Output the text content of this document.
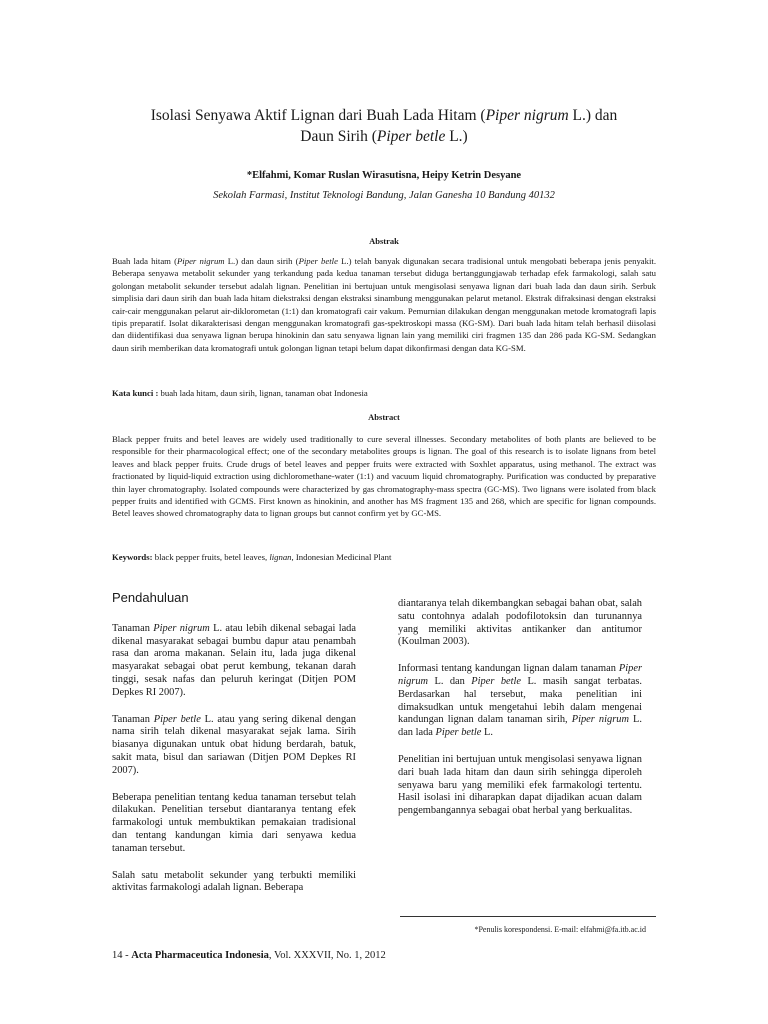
Isolasi Senyawa Aktif Lignan dari Buah Lada Hitam (Piper nigrum L.) dan
Daun Sirih (Piper betle L.)
*Elfahmi, Komar Ruslan Wirasutisna, Heipy Ketrin Desyane
Sekolah Farmasi, Institut Teknologi Bandung, Jalan Ganesha 10 Bandung 40132
Abstrak

Buah lada hitam (Piper nigrum L.) dan daun sirih (Piper betle L.) telah banyak digunakan secara tradisional untuk mengobati beberapa jenis penyakit. Beberapa senyawa metabolit sekunder yang terkandung pada kedua tanaman tersebut diduga bertanggungjawab terhadap efek farmakologi, salah satu golongan metabolit sekunder tersebut adalah lignan. Penelitian ini bertujuan untuk mengisolasi senyawa lignan dari buah lada dan daun sirih. Serbuk simplisia dari daun sirih dan buah lada hitam diekstraksi dengan ekstraksi sinambung menggunakan pelarut metanol. Ekstrak difraksinasi dengan ekstraksi cair-cair menggunakan pelarut air-diklorometan (1:1) dan kromatografi cair vakum. Pemurnian dilakukan dengan menggunakan metode kromatografi lapis tipis preparatif. Isolat dikarakterisasi dengan menggunakan kromatografi gas-spektroskopi massa (KG-SM). Dari buah lada hitam telah berhasil diisolasi dan diidentifikasi dua senyawa lignan berupa hinokinin dan satu senyawa lignan lain yang memiliki ciri fragmen 135 dan 286 pada KG-SM. Sedangkan daun sirih memberikan data kromatografi untuk golongan lignan tetapi belum dapat dikonfirmasi dengan data KG-SM.

Kata kunci : buah lada hitam, daun sirih, lignan, tanaman obat Indonesia

Abstract

Black pepper fruits and betel leaves are widely used traditionally to cure several illnesses. Secondary metabolites of both plants are believed to be responsible for their pharmacological effect; one of the secondary metabolites groups is lignan. The goal of this research is to isolate lignans from betel leaves and black pepper fruits. Crude drugs of betel leaves and pepper fruits were extracted with Soxhlet apparatus, using methanol. The extract was fractionated by liquid-liquid extraction using dichloromethane-water (1:1) and vacuum liquid chromatography. Purification was conducted by preparative thin layer chromatography. Isolated compounds were characterized by gas chromatography-mass spectra (GC-MS). Two lignans were isolated from black pepper fruits and identified with GCMS. First known as hinokinin, and another has MS fragment 135 and 268, which are specific for lignan compounds. Betel leaves showed chromatography data to lignan groups but cannot confirm yet by GC-MS.

Keywords: black pepper fruits, betel leaves, lignan, Indonesian Medicinal Plant

Pendahuluan

Tanaman Piper nigrum L. atau lebih dikenal sebagai lada dikenal masyarakat sebagai bumbu dapur atau penambah rasa dan aroma makanan. Selain itu, lada juga dikenal masyarakat sebagai obat perut kembung, tekanan darah tinggi, sesak nafas dan peluruh keringat (Ditjen POM Depkes RI 2007).

Tanaman Piper betle L. atau yang sering dikenal dengan nama sirih telah dikenal masyarakat sejak lama. Sirih biasanya digunakan untuk obat hidung berdarah, batuk, sakit mata, bisul dan sariawan (Ditjen POM Depkes RI 2007).

Beberapa penelitian tentang kedua tanaman tersebut telah dilakukan. Penelitian tersebut diantaranya tentang efek farmakologi untuk membuktikan pemakaian tradisional dan tentang kandungan kimia dari senyawa kedua tanaman tersebut.

Salah satu metabolit sekunder yang terbukti memiliki aktivitas farmakologi adalah lignan. Beberapa

diantaranya telah dikembangkan sebagai bahan obat, salah satu contohnya adalah podofilotoksin dan turunannya yang memiliki aktivitas antikanker dan antitumor (Koulman 2003).

Informasi tentang kandungan lignan dalam tanaman Piper nigrum L. dan Piper betle L. masih sangat terbatas. Berdasarkan hal tersebut, maka penelitian ini dimaksudkan untuk mengetahui lebih dalam mengenai kandungan lignan dalam tanaman sirih, Piper nigrum L. dan lada Piper betle L.

Penelitian ini bertujuan untuk mengisolasi senyawa lignan dari buah lada hitam dan daun sirih sehingga diperoleh senyawa baru yang memiliki efek farmakologi tertentu. Hasil isolasi ini diharapkan dapat dijadikan acuan dalam pengembangannya sebagai obat herbal yang berkualitas.

*Penulis korespondensi. E-mail: elfahmi@fa.itb.ac.id
14 - Acta Pharmaceutica Indonesia, Vol. XXXVII, No. 1, 2012
